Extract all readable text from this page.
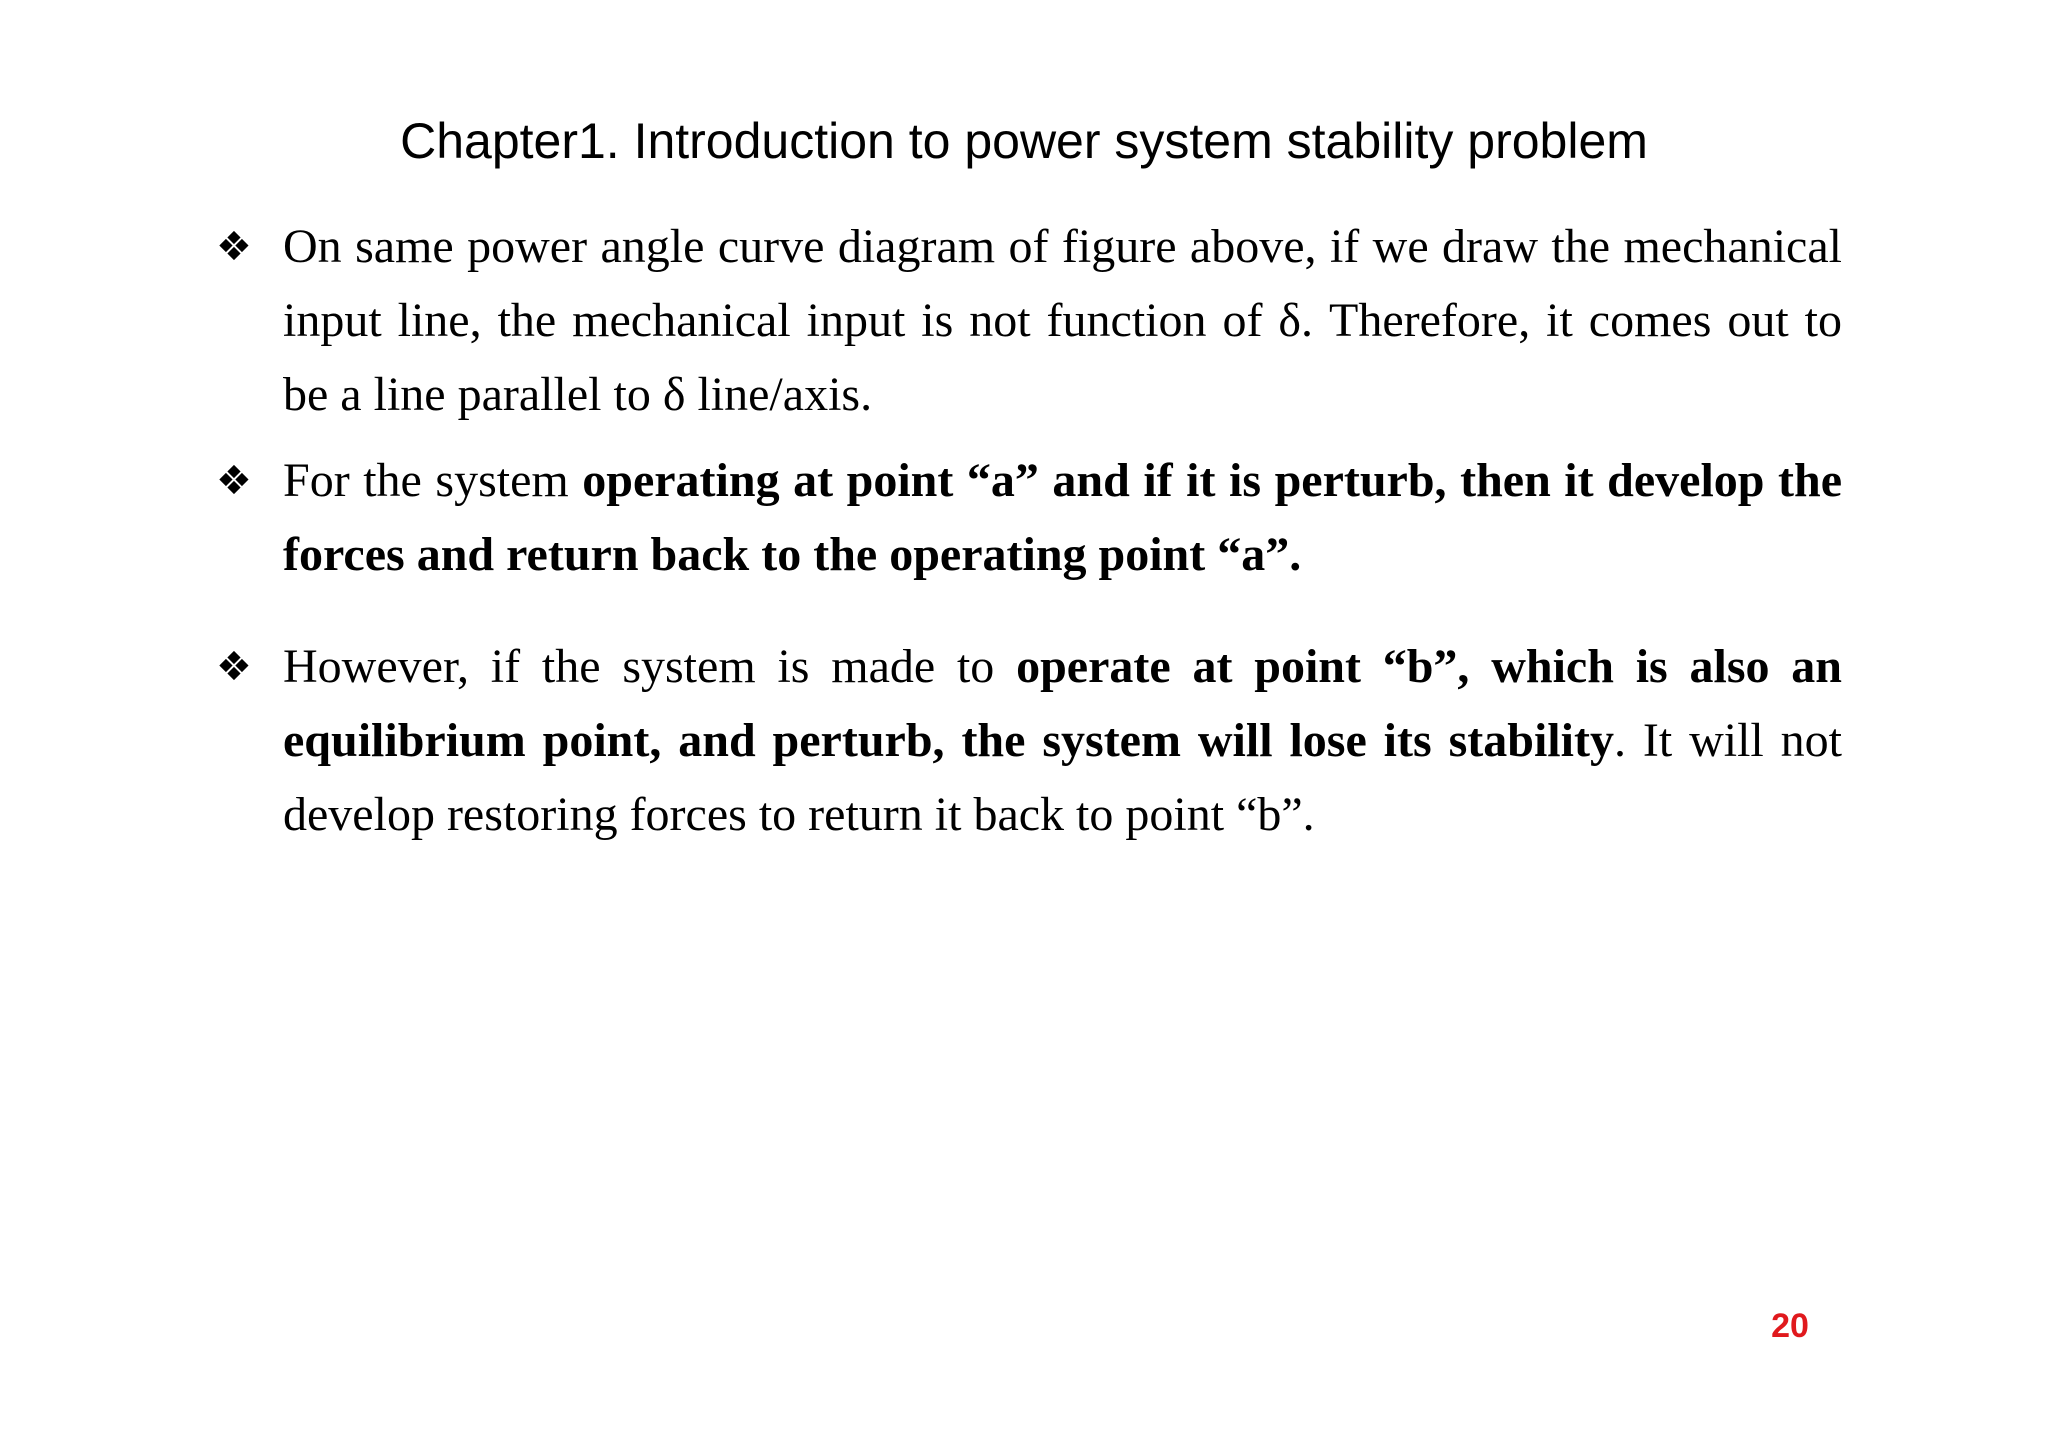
Chapter1. Introduction to power system stability problem
❖ On same power angle curve diagram of figure above, if we draw the mechanical input line, the mechanical input is not function of δ. Therefore, it comes out to be a line parallel to δ line/axis.
❖ For the system operating at point “a” and if it is perturb, then it develop the forces and return back to the operating point “a”.
❖ However, if the system is made to operate at point “b”, which is also an equilibrium point, and perturb, the system will lose its stability. It will not develop restoring forces to return it back to point “b”.
20
